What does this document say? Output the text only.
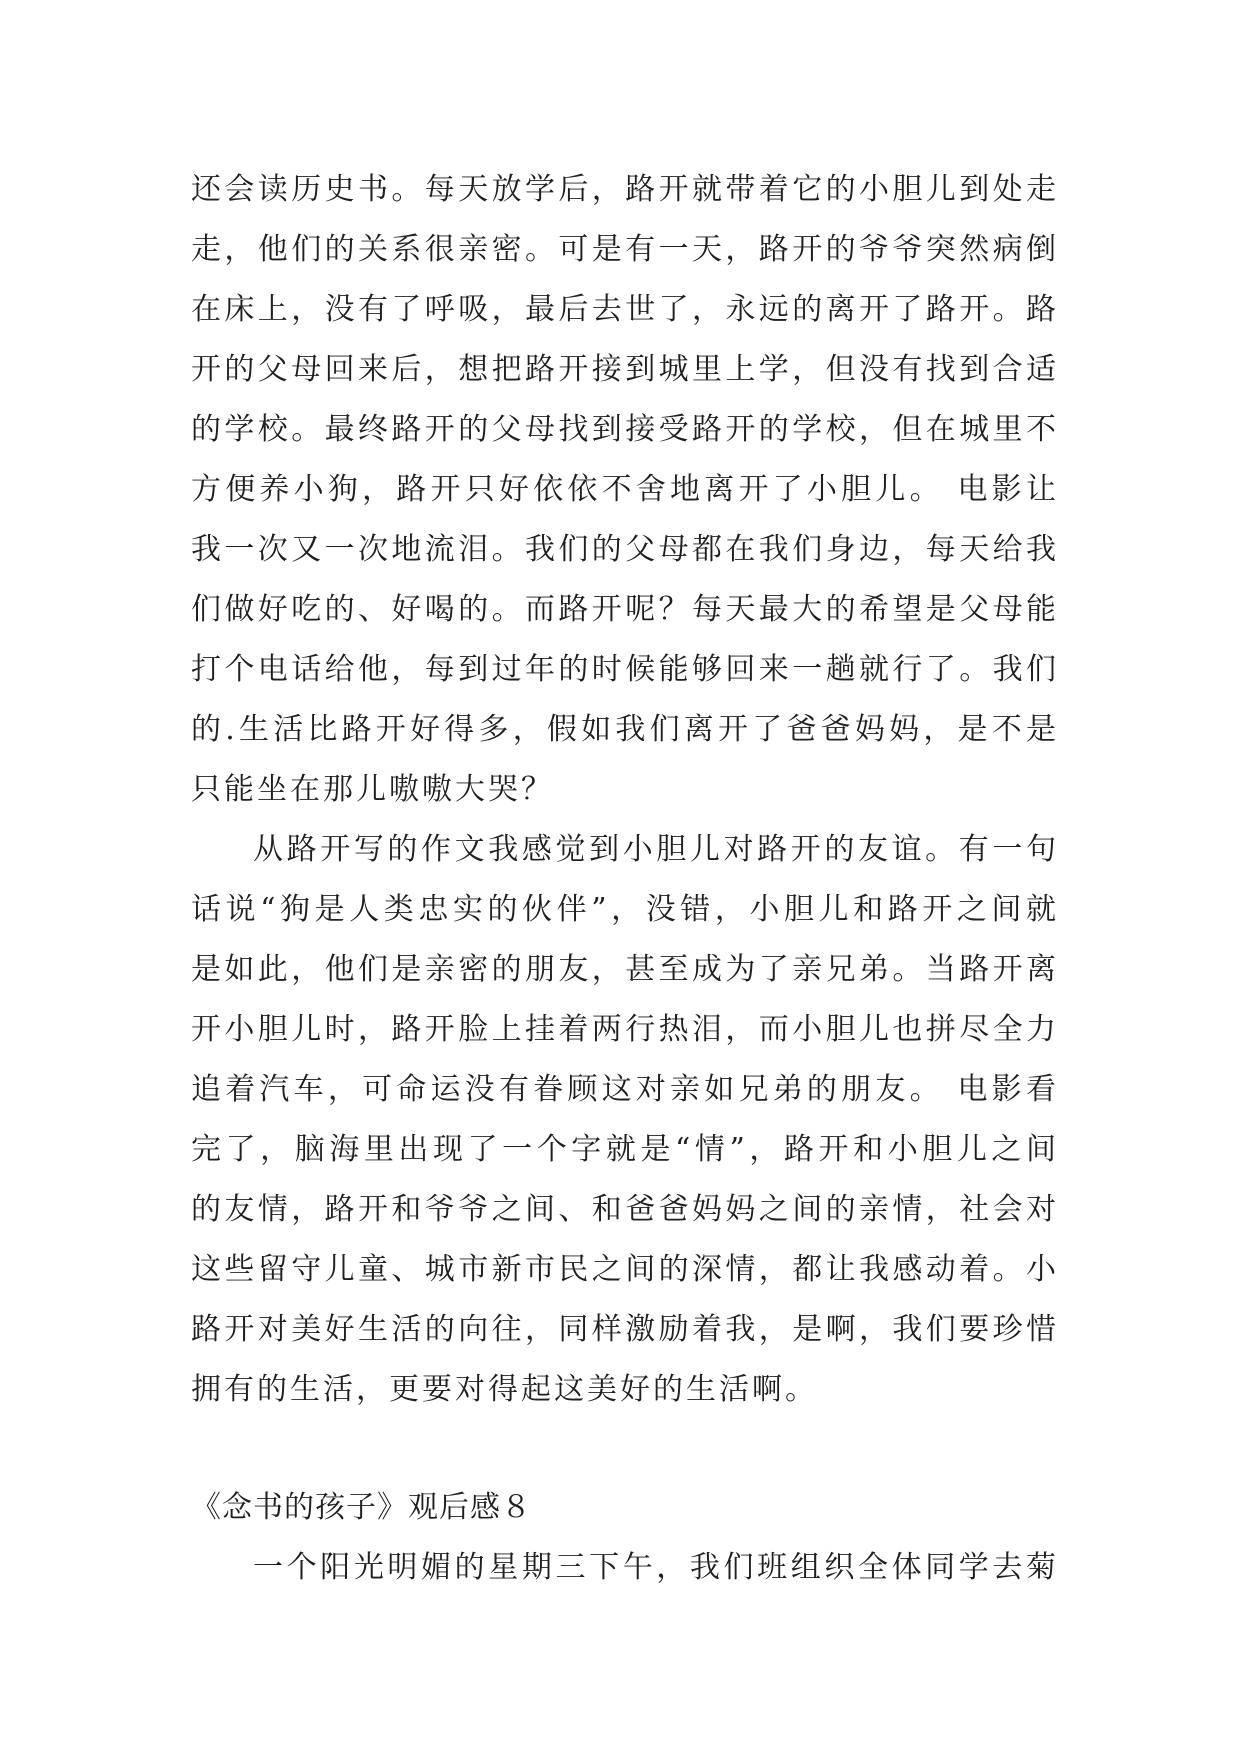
还会读历史书。每天放学后，路开就带着它的小胆儿到处走
走，他们的关系很亲密。可是有一天，路开的爷爷突然病倒
在床上，没有了呼吸，最后去世了，永远的离开了路开。路
开的父母回来后，想把路开接到城里上学，但没有找到合适
的学校。最终路开的父母找到接受路开的学校，但在城里不
方便养小狗，路开只好依依不舍地离开了小胆儿。 电影让
我一次又一次地流泪。我们的父母都在我们身边，每天给我
们做好吃的、好喝的。而路开呢？每天最大的希望是父母能
打个电话给他，每到过年的时候能够回来一趟就行了。我们
的.生活比路开好得多，假如我们离开了爸爸妈妈，是不是
只能坐在那儿嗷嗷大哭？
从路开写的作文我感觉到小胆儿对路开的友谊。有一句
话说“狗是人类忠实的伙伴”，没错，小胆儿和路开之间就
是如此，他们是亲密的朋友，甚至成为了亲兄弟。当路开离
开小胆儿时，路开脸上挂着两行热泪，而小胆儿也拼尽全力
追着汽车，可命运没有眷顾这对亲如兄弟的朋友。 电影看
完了，脑海里出现了一个字就是“情”，路开和小胆儿之间
的友情，路开和爷爷之间、和爸爸妈妈之间的亲情，社会对
这些留守儿童、城市新市民之间的深情，都让我感动着。小
路开对美好生活的向往，同样激励着我，是啊，我们要珍惜
拥有的生活，更要对得起这美好的生活啊。
《念书的孩子》观后感８
一个阳光明媚的星期三下午，我们班组织全体同学去菊
